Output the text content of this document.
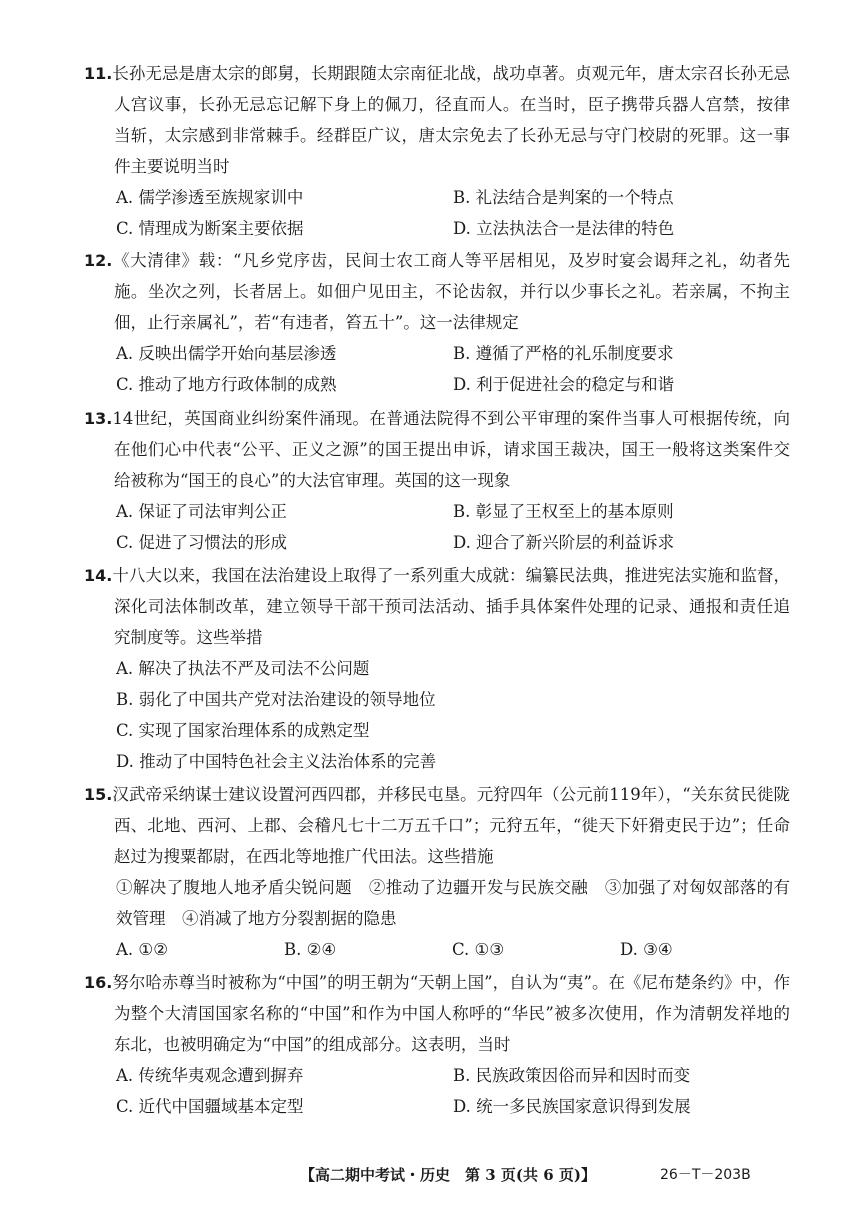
11.长孙无忌是唐太宗的郎舅，长期跟随太宗南征北战，战功卓著。贞观元年，唐太宗召长孙无忌人宫议事，长孙无忌忘记解下身上的佩刀，径直而人。在当时，臣子携带兵器人宫禁，按律当斩，太宗感到非常棘手。经群臣广议，唐太宗免去了长孙无忌与守门校尉的死罪。这一事件主要说明当时

A. 儒学渗透至族规家训中	B. 礼法结合是判案的一个特点
C. 情理成为断案主要依据	D. 立法执法合一是法律的特色

12.《大清律》载：“凡乡党序齿，民间士农工商人等平居相见，及岁时宴会谒拜之礼，幼者先施。坐次之列，长者居上。如佃户见田主，不论齿叙，并行以少事长之礼。若亲属，不拘主佃，止行亲属礼”，若“有违者，笞五十”。这一法律规定

A. 反映出儒学开始向基层渗透	B. 遵循了严格的礼乐制度要求
C. 推动了地方行政体制的成熟	D. 利于促进社会的稳定与和谐

13.14世纪，英国商业纠纷案件涌现。在普通法院得不到公平审理的案件当事人可根据传统，向在他们心中代表“公平、正义之源”的国王提出申诉，请求国王裁决，国王一般将这类案件交给被称为“国王的良心”的大法官审理。英国的这一现象

A. 保证了司法审判公正	B. 彰显了王权至上的基本原则
C. 促进了习惯法的形成	D. 迎合了新兴阶层的利益诉求

14.十八大以来，我国在法治建设上取得了一系列重大成就：编纂民法典，推进宪法实施和监督，深化司法体制改革，建立领导干部干预司法活动、插手具体案件处理的记录、通报和责任追究制度等。这些举措

A. 解决了执法不严及司法不公问题
B. 弱化了中国共产党对法治建设的领导地位
C. 实现了国家治理体系的成熟定型
D. 推动了中国特色社会主义法治体系的完善

15.汉武帝采纳谋士建议设置河西四郡，并移民屯垦。元狩四年（公元前119年），“关东贫民徙陇西、北地、西河、上郡、会稽凡七十二万五千口”；元狩五年，“徙天下奸猾吏民于边”；任命赵过为搜粟都尉，在西北等地推广代田法。这些措施

①解决了腹地人地矛盾尖锐问题　②推动了边疆开发与民族交融　③加强了对匈奴部落的有效管理　④消减了地方分裂割据的隐患

A. ①②	B. ②④	C. ①③	D. ③④

16.努尔哈赤尊当时被称为“中国”的明王朝为“天朝上国”，自认为“夷”。在《尼布楚条约》中，作为整个大清国国家名称的“中国”和作为中国人称呼的“华民”被多次使用，作为清朝发祥地的东北，也被明确定为“中国”的组成部分。这表明，当时

A. 传统华夷观念遭到摒弃	B. 民族政策因俗而异和因时而变
C. 近代中国疆域基本定型	D. 统一多民族国家意识得到发展
【高二期中考试・历史　第 3 页(共 6 页)】	26－T－203B
